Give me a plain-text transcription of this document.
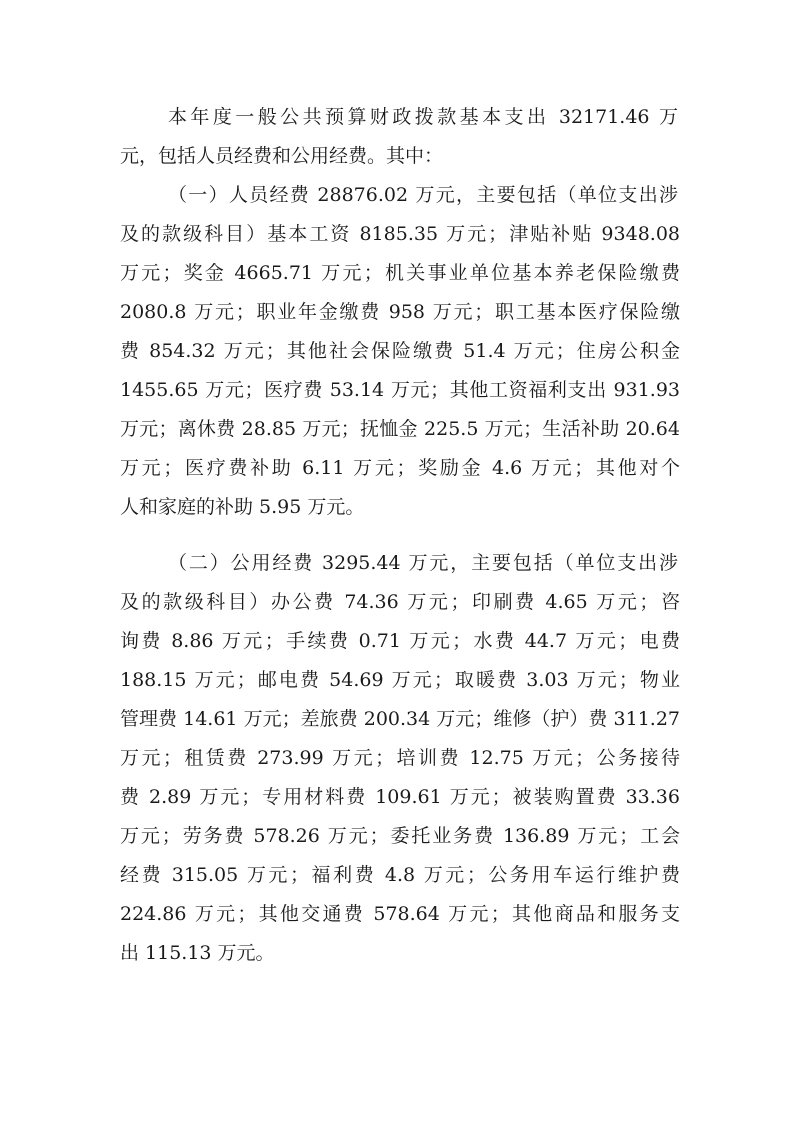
本年度一般公共预算财政拨款基本支出 32171.46 万
元，包括人员经费和公用经费。其中：
（一）人员经费 28876.02 万元，主要包括（单位支出涉
及的款级科目）基本工资 8185.35 万元；津贴补贴 9348.08
万元；奖金 4665.71 万元；机关事业单位基本养老保险缴费
2080.8 万元；职业年金缴费 958 万元；职工基本医疗保险缴
费 854.32 万元；其他社会保险缴费 51.4 万元；住房公积金
1455.65 万元；医疗费 53.14 万元；其他工资福利支出 931.93
万元；离休费 28.85 万元；抚恤金 225.5 万元；生活补助 20.64
万元；医疗费补助 6.11 万元；奖励金 4.6 万元；其他对个
人和家庭的补助 5.95 万元。
（二）公用经费 3295.44 万元，主要包括（单位支出涉
及的款级科目）办公费 74.36 万元；印刷费 4.65 万元；咨
询费 8.86 万元；手续费 0.71 万元；水费 44.7 万元；电费
188.15 万元；邮电费 54.69 万元；取暖费 3.03 万元；物业
管理费 14.61 万元；差旅费 200.34 万元；维修（护）费 311.27
万元；租赁费 273.99 万元；培训费 12.75 万元；公务接待
费 2.89 万元；专用材料费 109.61 万元；被装购置费 33.36
万元；劳务费 578.26 万元；委托业务费 136.89 万元；工会
经费 315.05 万元；福利费 4.8 万元；公务用车运行维护费
224.86 万元；其他交通费 578.64 万元；其他商品和服务支
出 115.13 万元。
